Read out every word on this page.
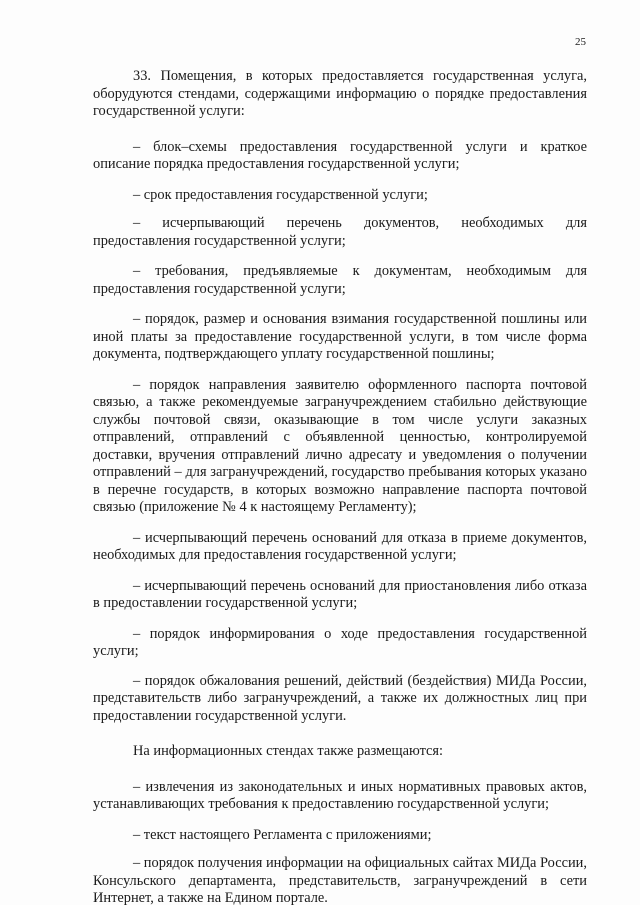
25

33. Помещения, в которых предоставляется государственная услуга, оборудуются стендами, содержащими информацию о порядке предоставления государственной услуги:

– блок–схемы предоставления государственной услуги и краткое описание порядка предоставления государственной услуги;

– срок предоставления государственной услуги;

– исчерпывающий перечень документов, необходимых для предоставления государственной услуги;

– требования, предъявляемые к документам, необходимым для предоставления государственной услуги;

– порядок, размер и основания взимания государственной пошлины или иной платы за предоставление государственной услуги, в том числе форма документа, подтверждающего уплату государственной пошлины;

– порядок направления заявителю оформленного паспорта почтовой связью, а также рекомендуемые загранучреждением стабильно действующие службы почтовой связи, оказывающие в том числе услуги заказных отправлений, отправлений с объявленной ценностью, контролируемой доставки, вручения отправлений лично адресату и уведомления о получении отправлений – для загранучреждений, государство пребывания которых указано в перечне государств, в которых возможно направление паспорта почтовой связью (приложение № 4 к настоящему Регламенту);

– исчерпывающий перечень оснований для отказа в приеме документов, необходимых для предоставления государственной услуги;

– исчерпывающий перечень оснований для приостановления либо отказа в предоставлении государственной услуги;

– порядок информирования о ходе предоставления государственной услуги;

– порядок обжалования решений, действий (бездействия) МИДа России, представительств либо загранучреждений, а также их должностных лиц при предоставлении государственной услуги.

На информационных стендах также размещаются:

– извлечения из законодательных и иных нормативных правовых актов, устанавливающих требования к предоставлению государственной услуги;

– текст настоящего Регламента с приложениями;

– порядок получения информации на официальных сайтах МИДа России, Консульского департамента, представительств, загранучреждений в сети Интернет, а также на Едином портале.
